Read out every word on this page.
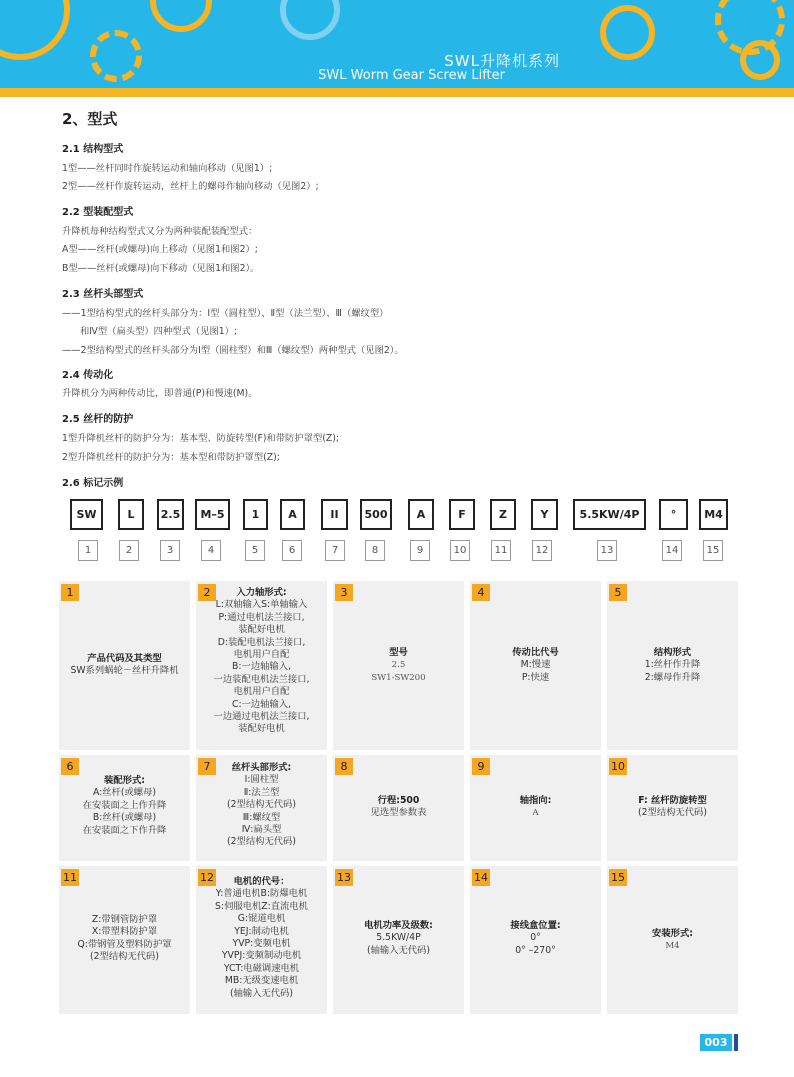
SWL升降机系列
SWL Worm Gear Screw Lifter
2、型式
2.1 结构型式
1型——丝杆同时作旋转运动和轴向移动（见图1）;
2型——丝杆作旋转运动，丝杆上的螺母作轴向移动（见图2）;
2.2 型装配型式
升降机每种结构型式又分为两种装配装配型式：
A型——丝杆(或螺母)向上移动（见图1和图2）;
B型——丝杆(或螺母)向下移动（见图1和图2）。
2.3 丝杆头部型式
——1型结构型式的丝杆头部分为：Ⅰ型（圆柱型）、Ⅱ型（法兰型）、Ⅲ（螺纹型）
和Ⅳ型（扁头型）四种型式（见图1）;
——2型结构型式的丝杆头部分为Ⅰ型（圆柱型）和Ⅲ（螺纹型）两种型式（见图2）。
2.4 传动化
升降机分为两种传动比，即普通(P)和慢速(M)。
2.5 丝杆的防护
1型升降机丝杆的防护分为：基本型、防旋转型(F)和带防护罩型(Z);
2型升降机丝杆的防护分为：基本型和带防护罩型(Z);
2.6 标记示例
SW	L	2.5	M–5	1	A	II	500	A	F	Z	Y	5.5KW/4P	°	M4
1	2	3	4	5	6	7	8	9	10	11	12	13	14	15
1
产品代码及其类型
SW系列蜗轮－丝杆升降机
2	入力轴形式:
L:双轴输入S:单轴输入
P:通过电机法兰接口,
装配好电机
D:装配电机法兰接口,
电机用户自配
B:一边轴输入,
一边装配电机法兰接口,
电机用户自配
C:一边轴输入,
一边通过电机法兰接口,
装配好电机
3
型号
2.5
SW1-SW200
4
传动比代号
M:慢速
P:快速
5
结构形式
1:丝杆作升降
2:螺母作升降
6
装配形式:
A:丝杆(或螺母)
在安装面之上作升降
B:丝杆(或螺母)
在安装面之下作升降
7	丝杆头部形式:
Ⅰ:圆柱型
Ⅱ:法兰型
(2型结构无代码)
Ⅲ:螺纹型
Ⅳ:扁头型
(2型结构无代码)
8
行程:500
见选型参数表
9
轴指向:
A
10
F: 丝杆防旋转型
(2型结构无代码)
11
Z:带钢管防护罩
X:带塑料防护罩
Q:带钢管及塑料防护罩
(2型结构无代码)
12 电机的代号：
Y:普通电机B:防爆电机
S:伺服电机Z:直流电机
G:锟道电机
YEJ:制动电机
YVP:变频电机
YVPJ:变频制动电机
YCT:电磁调速电机
MB:无级变速电机
(轴输入无代码)
13
电机功率及级数:
5.5KW/4P
(轴输入无代码)
14
接线盒位置:
0°
0° –270°
15
安装形式:
M4
003
